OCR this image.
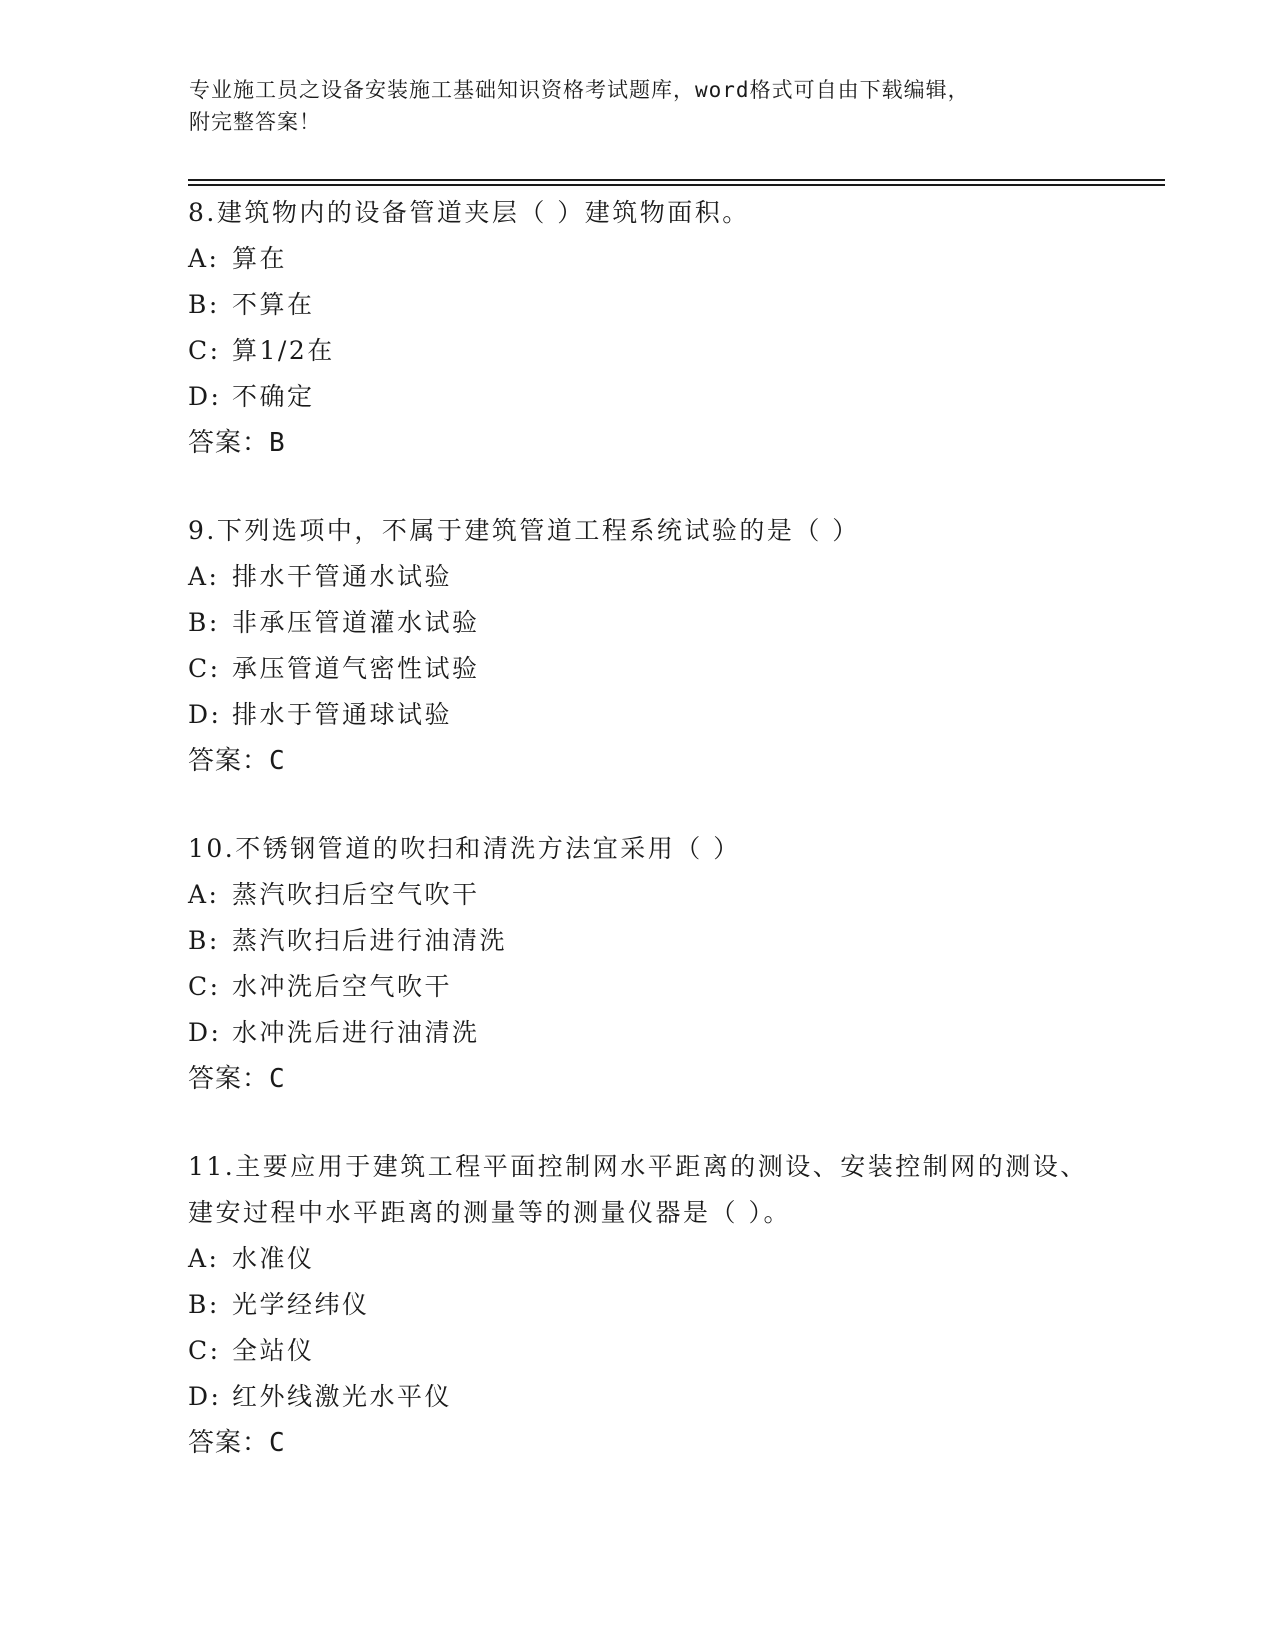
专业施工员之设备安装施工基础知识资格考试题库，word格式可自由下载编辑，
附完整答案！
8.建筑物内的设备管道夹层（ ）建筑物面积。
A: 算在
B: 不算在
C: 算1/2在
D: 不确定
答案：B
9.下列选项中，不属于建筑管道工程系统试验的是（ ）
A: 排水干管通水试验
B: 非承压管道灌水试验
C: 承压管道气密性试验
D: 排水于管通球试验
答案：C
10.不锈钢管道的吹扫和清洗方法宜采用（ ）
A: 蒸汽吹扫后空气吹干
B: 蒸汽吹扫后进行油清洗
C: 水冲洗后空气吹干
D: 水冲洗后进行油清洗
答案：C
11.主要应用于建筑工程平面控制网水平距离的测设、安装控制网的测设、建安过程中水平距离的测量等的测量仪器是（ ）。
A: 水准仪
B: 光学经纬仪
C: 全站仪
D: 红外线激光水平仪
答案：C
